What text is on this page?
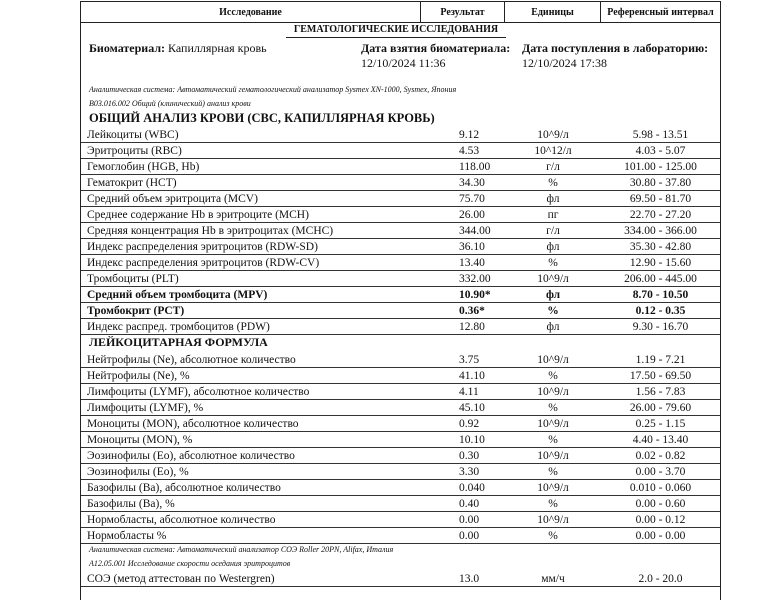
Исследование	Результат	Единицы	Референсный интервал
ГЕМАТОЛОГИЧЕСКИЕ ИССЛЕДОВАНИЯ
Биоматериал: Капиллярная кровь	Дата взятия биоматериала:
12/10/2024 11:36
Дата поступления в лабораторию:
12/10/2024 17:38
Аналитическая система: Автоматический гематологический анализатор Sysmex XN-1000, Sysmex, Япония
B03.016.002 Общий (клинический) анализ крови
ОБЩИЙ АНАЛИЗ КРОВИ (CBC, КАПИЛЛЯРНАЯ КРОВЬ)
Лейкоциты (WBC)	9.12	10^9/л	5.98 - 13.51
Эритроциты (RBC)	4.53	10^12/л	4.03 - 5.07
Гемоглобин (HGB, Hb)	118.00	г/л	101.00 - 125.00
Гематокрит (HCT)	34.30	%	30.80 - 37.80
Средний объем эритроцита (MCV)	75.70	фл	69.50 - 81.70
Среднее содержание Hb в эритроците (MCH)	26.00	пг	22.70 - 27.20
Средняя концентрация Hb в эритроцитах (MCHC)	344.00	г/л	334.00 - 366.00
Индекс распределения эритроцитов (RDW-SD)	36.10	фл	35.30 - 42.80
Индекс распределения эритроцитов (RDW-CV)	13.40	%	12.90 - 15.60
Тромбоциты (PLT)	332.00	10^9/л	206.00 - 445.00
Средний объем тромбоцита (MPV)	10.90*	фл	8.70 - 10.50
Тромбокрит (PCT)	0.36*	%	0.12 - 0.35
Индекс распред. тромбоцитов (PDW)	12.80	фл	9.30 - 16.70
ЛЕЙКОЦИТАРНАЯ ФОРМУЛА
Нейтрофилы (Ne), абсолютное количество	3.75	10^9/л	1.19 - 7.21
Нейтрофилы (Ne), %	41.10	%	17.50 - 69.50
Лимфоциты (LYMF), абсолютное количество	4.11	10^9/л	1.56 - 7.83
Лимфоциты (LYMF), %	45.10	%	26.00 - 79.60
Моноциты (MON), абсолютное количество	0.92	10^9/л	0.25 - 1.15
Моноциты (MON), %	10.10	%	4.40 - 13.40
Эозинофилы (Eo), абсолютное количество	0.30	10^9/л	0.02 - 0.82
Эозинофилы (Eo), %	3.30	%	0.00 - 3.70
Базофилы (Ba), абсолютное количество	0.040	10^9/л	0.010 - 0.060
Базофилы (Ba), %	0.40	%	0.00 - 0.60
Нормобласты, абсолютное количество	0.00	10^9/л	0.00 - 0.12
Нормобласты %	0.00	%	0.00 - 0.00
Аналитическая система: Автоматический анализатор СОЭ Roller 20PN, Alifax, Италия
A12.05.001 Исследование скорости оседания эритроцитов
СОЭ (метод аттестован по Westergren)	13.0	мм/ч	2.0 - 20.0
